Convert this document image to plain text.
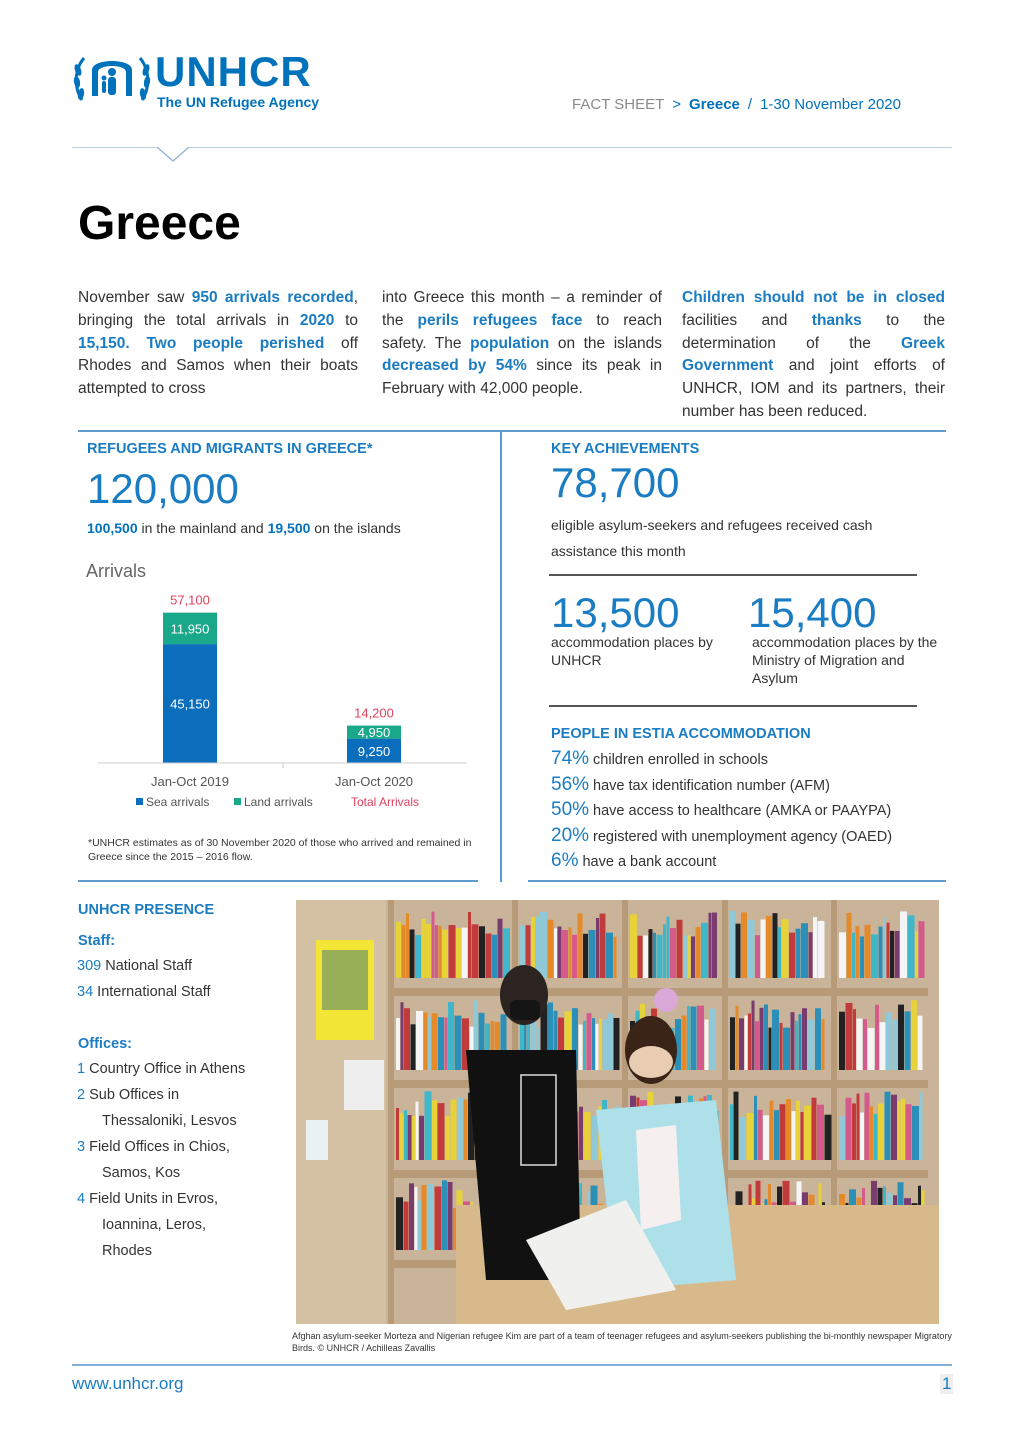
UNHCR
The UN Refugee Agency	FACT SHEET > Greece / 1-30 November 2020
Greece
November saw 950 arrivals recorded, bringing the total arrivals in 2020 to 15,150. Two people perished off Rhodes and Samos when their boats attempted to cross
into Greece this month – a reminder of the perils refugees face to reach safety. The population on the islands decreased by 54% since its peak in February with 42,000 people.
Children should not be in closed facilities and thanks to the determination of the Greek Government and joint efforts of UNHCR, IOM and its partners, their number has been reduced.
REFUGEES AND MIGRANTS IN GREECE*
120,000
100,500 in the mainland and 19,500 on the islands
Arrivals
45,150
11,950
57,100
9,250
4,950
14,200
Jan-Oct 2019	Jan-Oct 2020
Sea arrivals	Land arrivals	Total Arrivals
*UNHCR estimates as of 30 November 2020 of those who arrived and remained in Greece since the 2015 – 2016 flow.
KEY ACHIEVEMENTS
78,700
eligible asylum-seekers and refugees received cash assistance this month
13,500
accommodation places by UNHCR
15,400
accommodation places by the Ministry of Migration and Asylum
PEOPLE IN ESTIA ACCOMMODATION
74% children enrolled in schools
56% have tax identification number (AFM)
50% have access to healthcare (AMKA or PAAYPA)
20% registered with unemployment agency (OAED)
6% have a bank account
UNHCR PRESENCE
Staff:
309 National Staff
34 International Staff
Offices:
1 Country Office in Athens
2 Sub Offices in
Thessaloniki, Lesvos
3 Field Offices in Chios,
Samos, Kos
4 Field Units in Evros,
Ioannina, Leros,
Rhodes
Afghan asylum-seeker Morteza and Nigerian refugee Kim are part of a team of teenager refugees and asylum-seekers publishing the bi-monthly newspaper Migratory Birds. © UNHCR / Achilleas Zavallis
www.unhcr.org	1
